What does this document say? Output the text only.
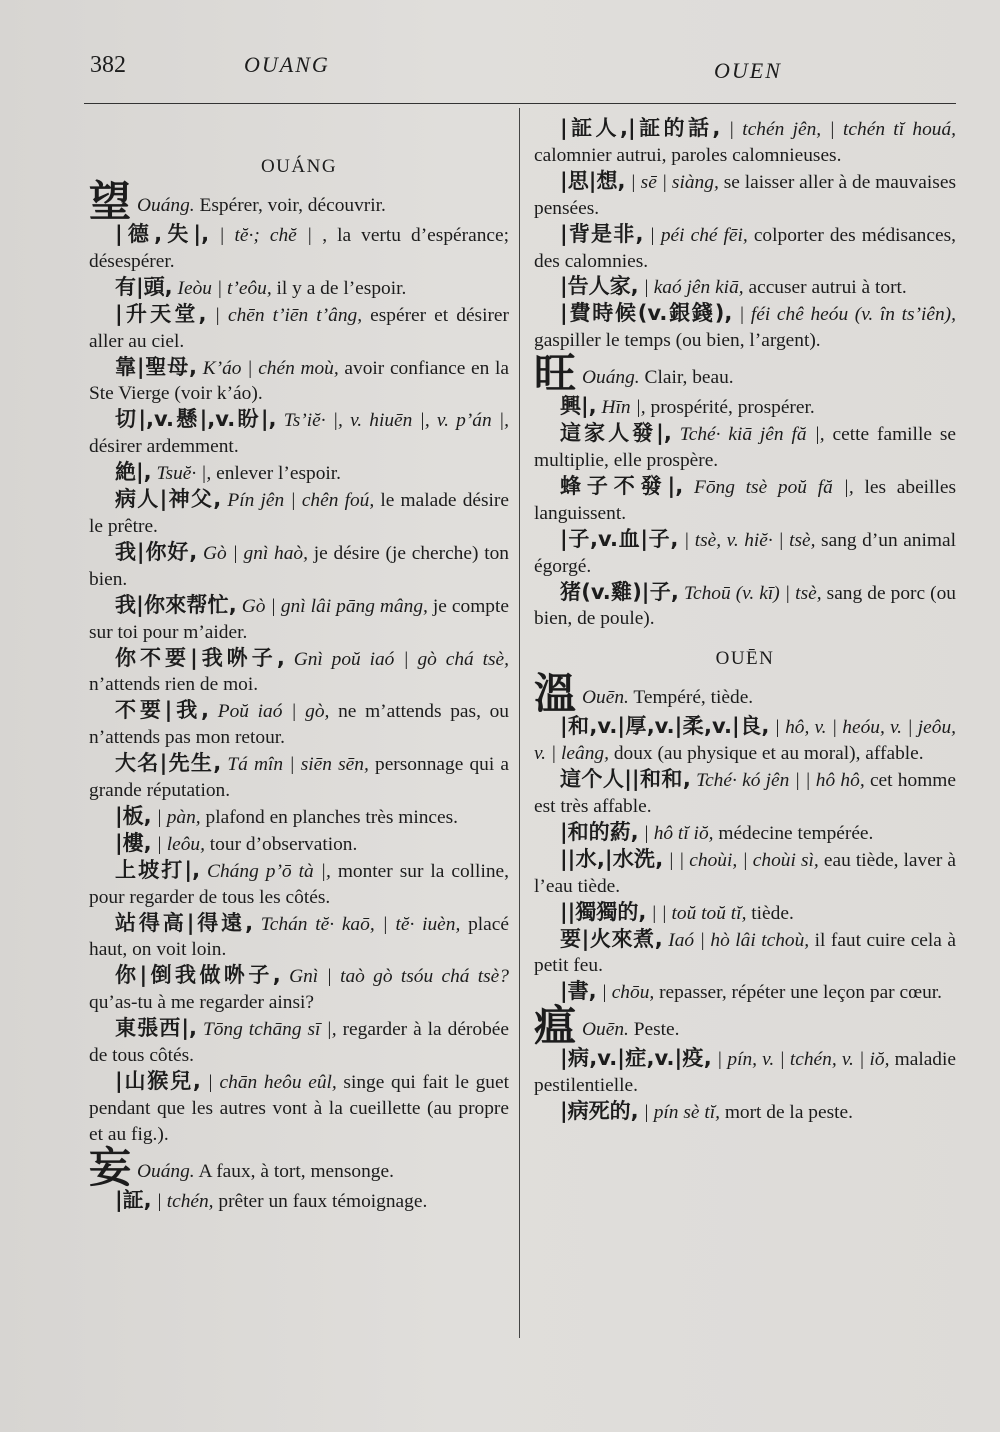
382	OUANG	OUEN
OUÁNG

望 Ouáng. Espérer, voir, découvrir.

|德,失|, | tĕ·; chĕ | , la vertu d’espérance; désespérer.

有|頭, Ieòu | t’eôu, il y a de l’espoir.

|升天堂, | chēn t’iēn t’âng, espérer et désirer aller au ciel.

靠|聖母, K’áo | chén moù, avoir confiance en la Ste Vierge (voir k’áo).

切|,v.懸|,v.盼|, Ts’iĕ· |, v. hiuēn |, v. p’án |, désirer ardemment.

絶|, Tsuĕ· |, enlever l’espoir.

病人|神父, Pín jên | chên foú, le malade désire le prêtre.

我|你好, Gò | gnì haò, je désire (je cherche) ton bien.

我|你來帮忙, Gò | gnì lâi pāng mâng, je compte sur toi pour m’aider.

你不要|我𠰻子, Gnì poŭ iaó | gò chá tsè, n’attends rien de moi.

不要|我, Poŭ iaó | gò, ne m’attends pas, ou n’attends pas mon retour.

大名|先生, Tá mîn | siēn sēn, personnage qui a grande réputation.

|板, | pàn, plafond en planches très minces.

|樓, | leôu, tour d’observation.

上坡打|, Cháng p’ō tà |, monter sur la colline, pour regarder de tous les côtés.

站得高|得遠, Tchán tĕ· kaō, | tĕ· iuèn, placé haut, on voit loin.

你|倒我做𠰻子, Gnì | taò gò tsóu chá tsè? qu’as-tu à me regarder ainsi?

東張西|, Tōng tchāng sī |, regarder à la dérobée de tous côtés.

|山猴兒, | chān heôu eûl, singe qui fait le guet pendant que les autres vont à la cueillette (au propre et au fig.).

妄 Ouáng. A faux, à tort, mensonge.

|証, | tchén, prêter un faux témoignage.

|証人,|証的話, | tchén jên, | tchén tĭ houá, calomnier autrui, paroles calomnieuses.

|思|想, | sē | siàng, se laisser aller à de mauvaises pensées.

|背是非, | péi ché fēi, colporter des médisances, des calomnies.

|告人家, | kaó jên kiā, accuser autrui à tort.

|費時候(v.銀錢), | féi chê heóu (v. în ts’iên), gaspiller le temps (ou bien, l’argent).

旺 Ouáng. Clair, beau.

興|, Hīn |, prospérité, prospérer.

這家人發|, Tché· kiā jên fă |, cette famille se multiplie, elle prospère.

蜂子不發|, Fōng tsè poŭ fă |, les abeilles languissent.

|子,v.血|子, | tsè, v. hiĕ· | tsè, sang d’un animal égorgé.

猪(v.雞)|子, Tchoū (v. kī) | tsè, sang de porc (ou bien, de poule).

OUĒN

溫 Ouēn. Tempéré, tiède.

|和,v.|厚,v.|柔,v.|良, | hô, v. | heóu, v. | jeôu, v. | leâng, doux (au physique et au moral), affable.

這个人||和和, Tché· kó jên | | hô hô, cet homme est très affable.

|和的葯, | hô tĭ iŏ, médecine tempérée.

||水,|水洗, | | choùi, | choùi sì, eau tiède, laver à l’eau tiède.

||獨獨的, | | toŭ toŭ tĭ, tiède.

要|火來煮, Iaó | hò lâi tchoù, il faut cuire cela à petit feu.

|書, | chōu, repasser, répéter une leçon par cœur.

瘟 Ouēn. Peste.

|病,v.|症,v.|疫, | pín, v. | tchén, v. | iŏ, maladie pestilentielle.

|病死的, | pín sè tĭ, mort de la peste.
